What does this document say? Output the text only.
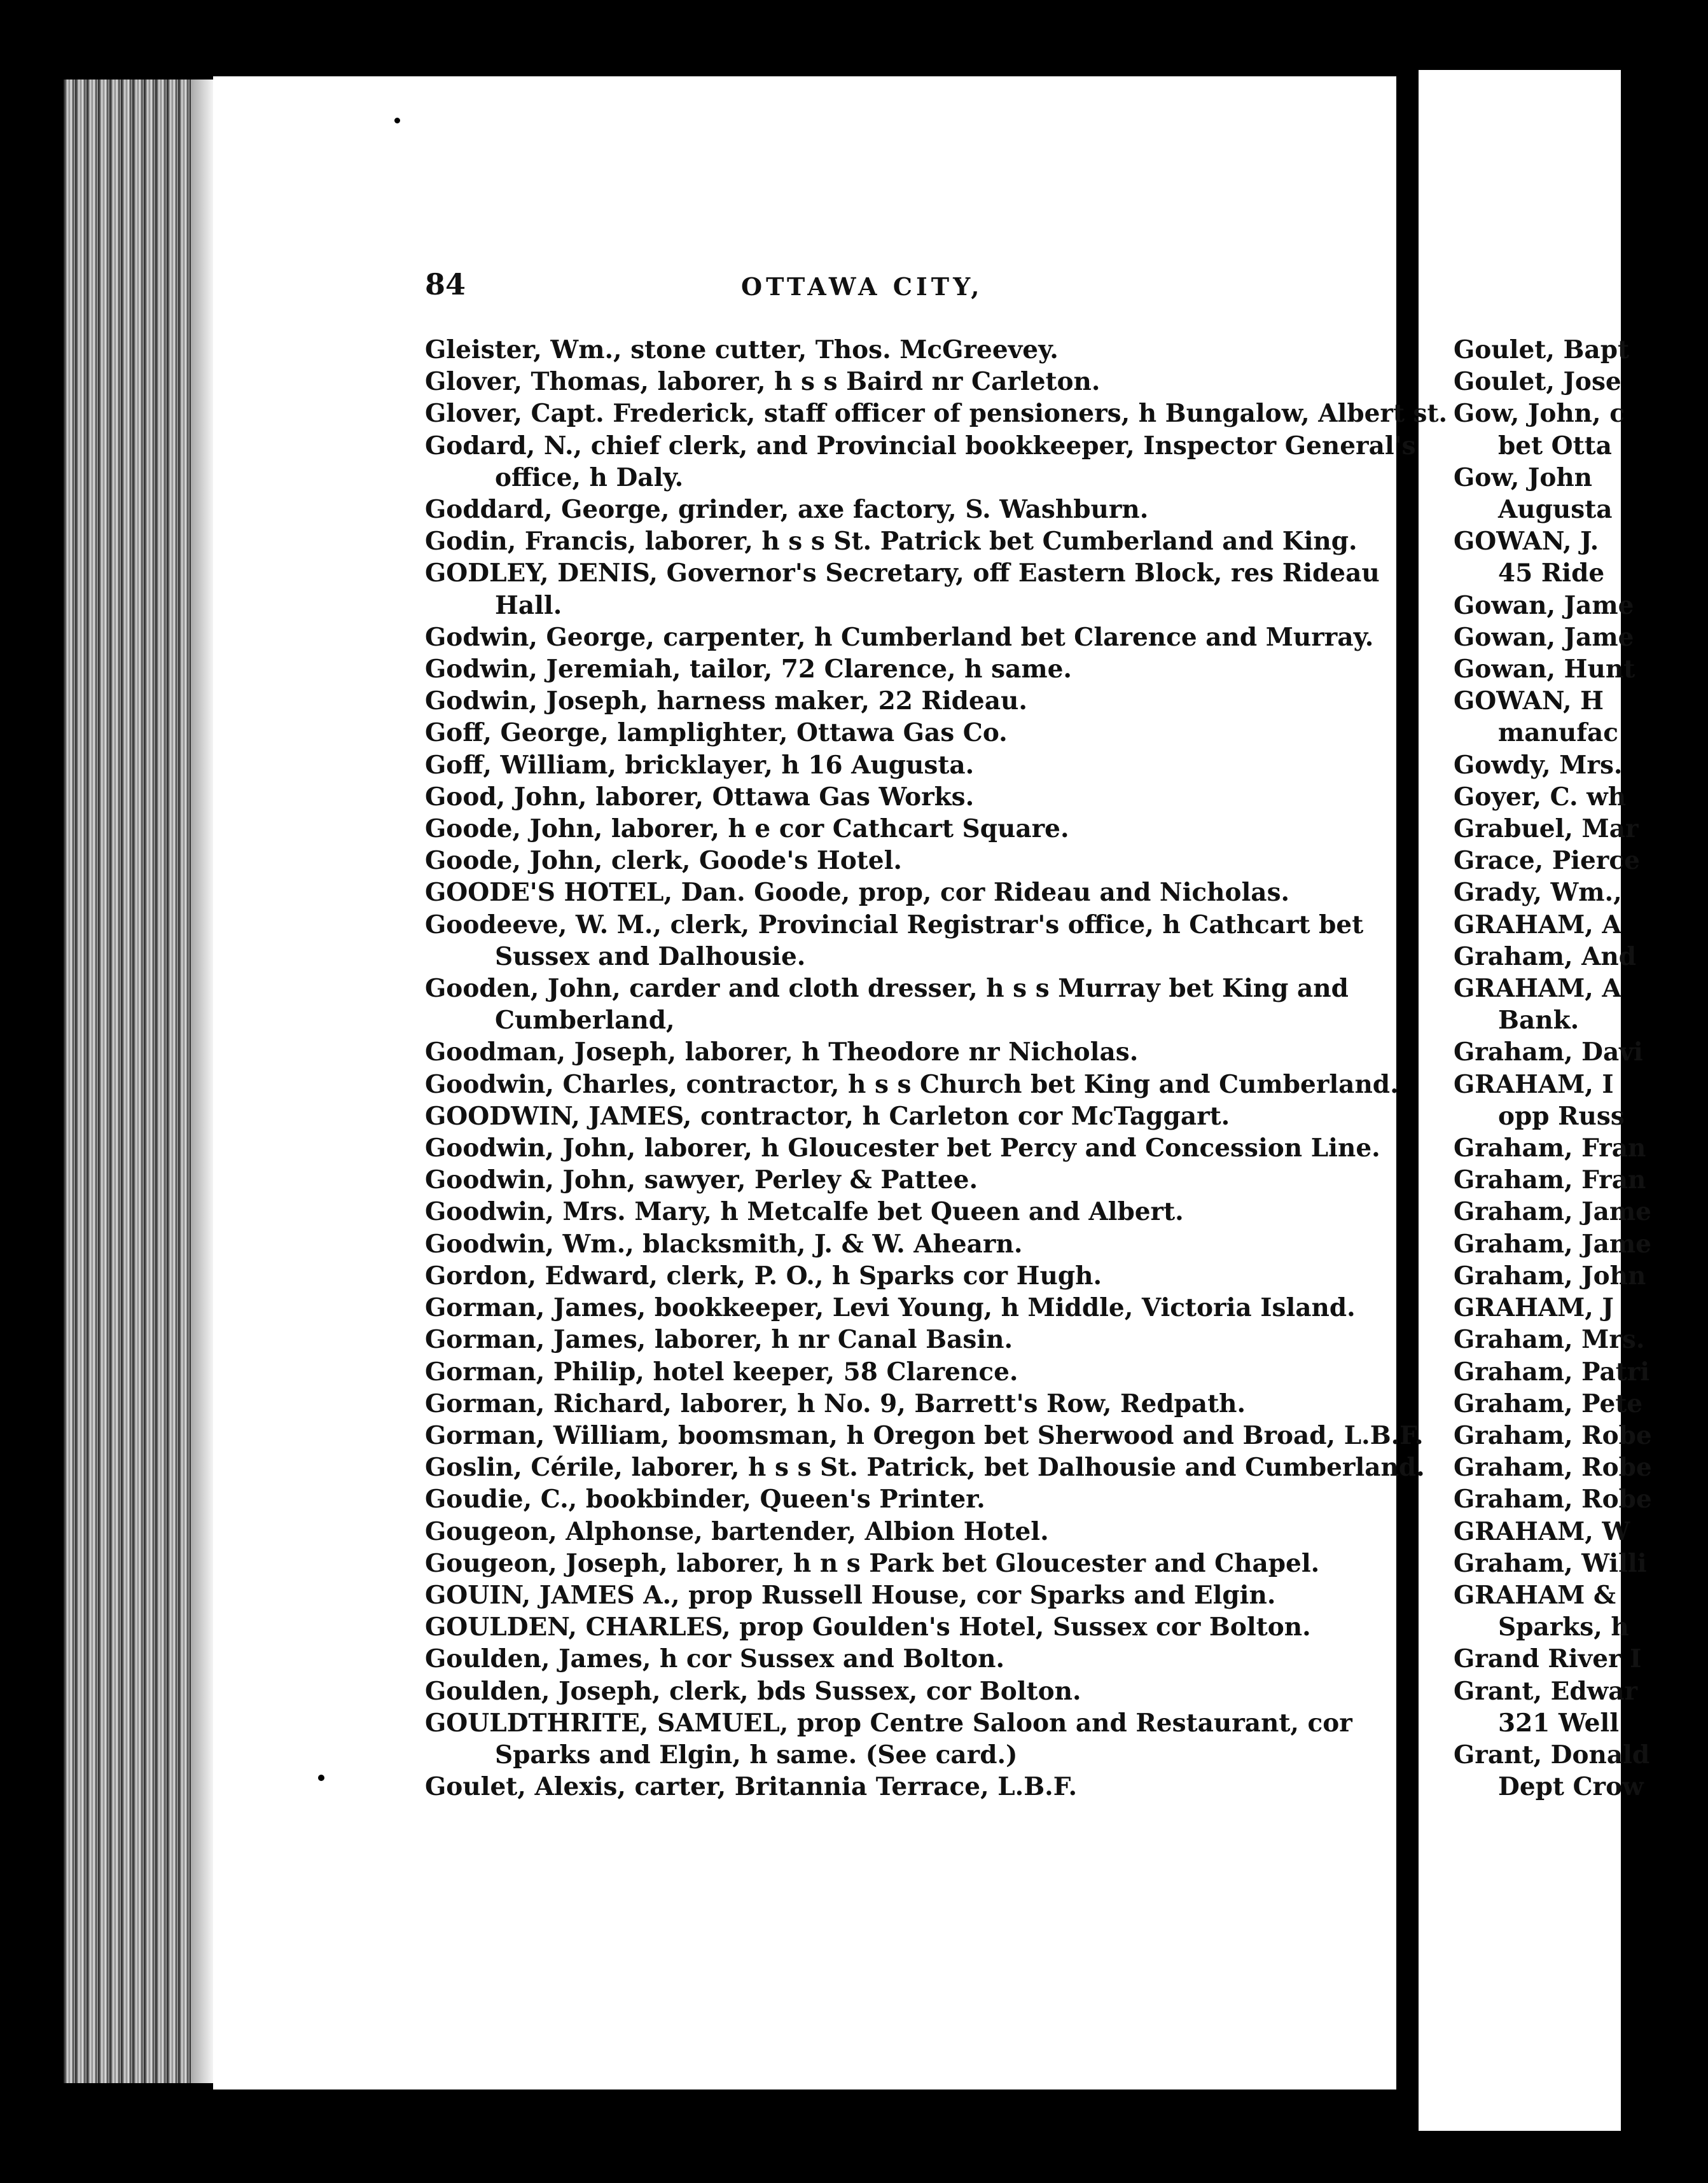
Goulet, Bapt
Goulet, Jose
Gow, John, c
bet Otta
Gow, John
Augusta
GOWAN, J.
45 Ride
Gowan, Jame
Gowan, Jame
Gowan, Hunt
GOWAN, H
manufac
Gowdy, Mrs.
Goyer, C. wh
Grabuel, Mar
Grace, Pierce
Grady, Wm.,
GRAHAM, A
Graham, And
GRAHAM, A
Bank.
Graham, Davi
GRAHAM, I
opp Russ
Graham, Fran
Graham, Fran
Graham, Jame
Graham, Jame
Graham, John
GRAHAM, J
Graham, Mrs.
Graham, Patri
Graham, Pete
Graham, Robe
Graham, Robe
Graham, Robe
GRAHAM, W
Graham, Willi
GRAHAM &
Sparks, h
Grand River I
Grant, Edwar
321 Well
Grant, Donald
Dept Crow
84	OTTAWA CITY,
Gleister, Wm., stone cutter, Thos. McGreevey.
Glover, Thomas, laborer, h s s Baird nr Carleton.
Glover, Capt. Frederick, staff officer of pensioners, h Bungalow, Albert st.
Godard, N., chief clerk, and Provincial bookkeeper, Inspector General's
office, h Daly.
Goddard, George, grinder, axe factory, S. Washburn.
Godin, Francis, laborer, h s s St. Patrick bet Cumberland and King.
GODLEY, DENIS, Governor's Secretary, off Eastern Block, res Rideau
Hall.
Godwin, George, carpenter, h Cumberland bet Clarence and Murray.
Godwin, Jeremiah, tailor, 72 Clarence, h same.
Godwin, Joseph, harness maker, 22 Rideau.
Goff, George, lamplighter, Ottawa Gas Co.
Goff, William, bricklayer, h 16 Augusta.
Good, John, laborer, Ottawa Gas Works.
Goode, John, laborer, h e cor Cathcart Square.
Goode, John, clerk, Goode's Hotel.
GOODE'S HOTEL, Dan. Goode, prop, cor Rideau and Nicholas.
Goodeeve, W. M., clerk, Provincial Registrar's office, h Cathcart bet
Sussex and Dalhousie.
Gooden, John, carder and cloth dresser, h s s Murray bet King and
Cumberland,
Goodman, Joseph, laborer, h Theodore nr Nicholas.
Goodwin, Charles, contractor, h s s Church bet King and Cumberland.
GOODWIN, JAMES, contractor, h Carleton cor McTaggart.
Goodwin, John, laborer, h Gloucester bet Percy and Concession Line.
Goodwin, John, sawyer, Perley & Pattee.
Goodwin, Mrs. Mary, h Metcalfe bet Queen and Albert.
Goodwin, Wm., blacksmith, J. & W. Ahearn.
Gordon, Edward, clerk, P. O., h Sparks cor Hugh.
Gorman, James, bookkeeper, Levi Young, h Middle, Victoria Island.
Gorman, James, laborer, h nr Canal Basin.
Gorman, Philip, hotel keeper, 58 Clarence.
Gorman, Richard, laborer, h No. 9, Barrett's Row, Redpath.
Gorman, William, boomsman, h Oregon bet Sherwood and Broad, L.B.F.
Goslin, Cérile, laborer, h s s St. Patrick, bet Dalhousie and Cumberland.
Goudie, C., bookbinder, Queen's Printer.
Gougeon, Alphonse, bartender, Albion Hotel.
Gougeon, Joseph, laborer, h n s Park bet Gloucester and Chapel.
GOUIN, JAMES A., prop Russell House, cor Sparks and Elgin.
GOULDEN, CHARLES, prop Goulden's Hotel, Sussex cor Bolton.
Goulden, James, h cor Sussex and Bolton.
Goulden, Joseph, clerk, bds Sussex, cor Bolton.
GOULDTHRITE, SAMUEL, prop Centre Saloon and Restaurant, cor
Sparks and Elgin, h same. (See card.)
Goulet, Alexis, carter, Britannia Terrace, L.B.F.
